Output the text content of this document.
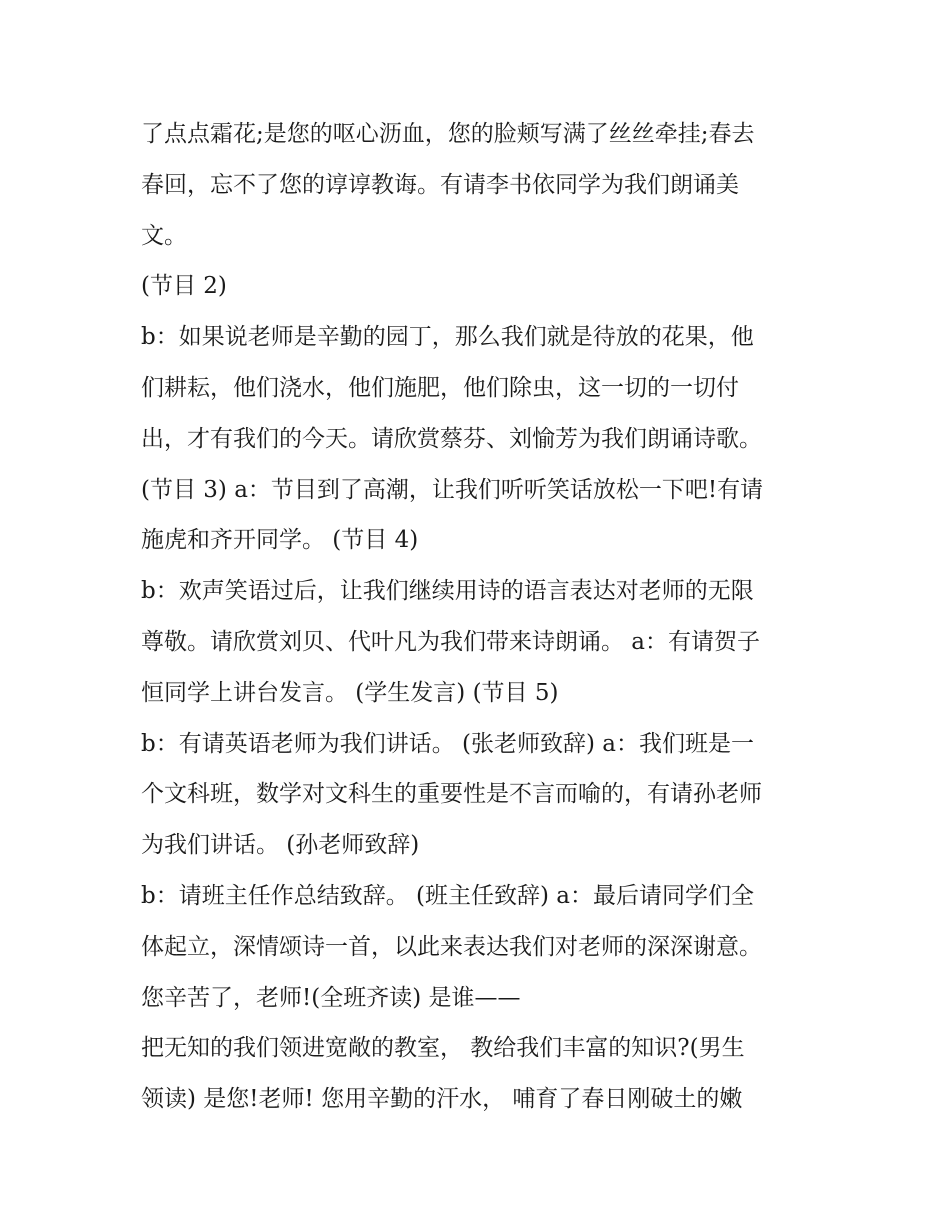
了点点霜花;是您的呕心沥血，您的脸颊写满了丝丝牵挂;春去
春回，忘不了您的谆谆教诲。有请李书依同学为我们朗诵美
文。
(节目 2)
b：如果说老师是辛勤的园丁，那么我们就是待放的花果，他
们耕耘，他们浇水，他们施肥，他们除虫，这一切的一切付
出，才有我们的今天。请欣赏蔡芬、刘愉芳为我们朗诵诗歌。
(节目 3) a：节目到了高潮，让我们听听笑话放松一下吧!有请
施虎和齐开同学。 (节目 4)
b：欢声笑语过后，让我们继续用诗的语言表达对老师的无限
尊敬。请欣赏刘贝、代叶凡为我们带来诗朗诵。 a：有请贺子
恒同学上讲台发言。 (学生发言) (节目 5)
b：有请英语老师为我们讲话。 (张老师致辞) a：我们班是一
个文科班，数学对文科生的重要性是不言而喻的，有请孙老师
为我们讲话。 (孙老师致辞)
b：请班主任作总结致辞。 (班主任致辞) a：最后请同学们全
体起立，深情颂诗一首，以此来表达我们对老师的深深谢意。
您辛苦了，老师!(全班齐读) 是谁——
把无知的我们领进宽敞的教室， 教给我们丰富的知识?(男生
领读) 是您!老师! 您用辛勤的汗水， 哺育了春日刚破土的嫩
